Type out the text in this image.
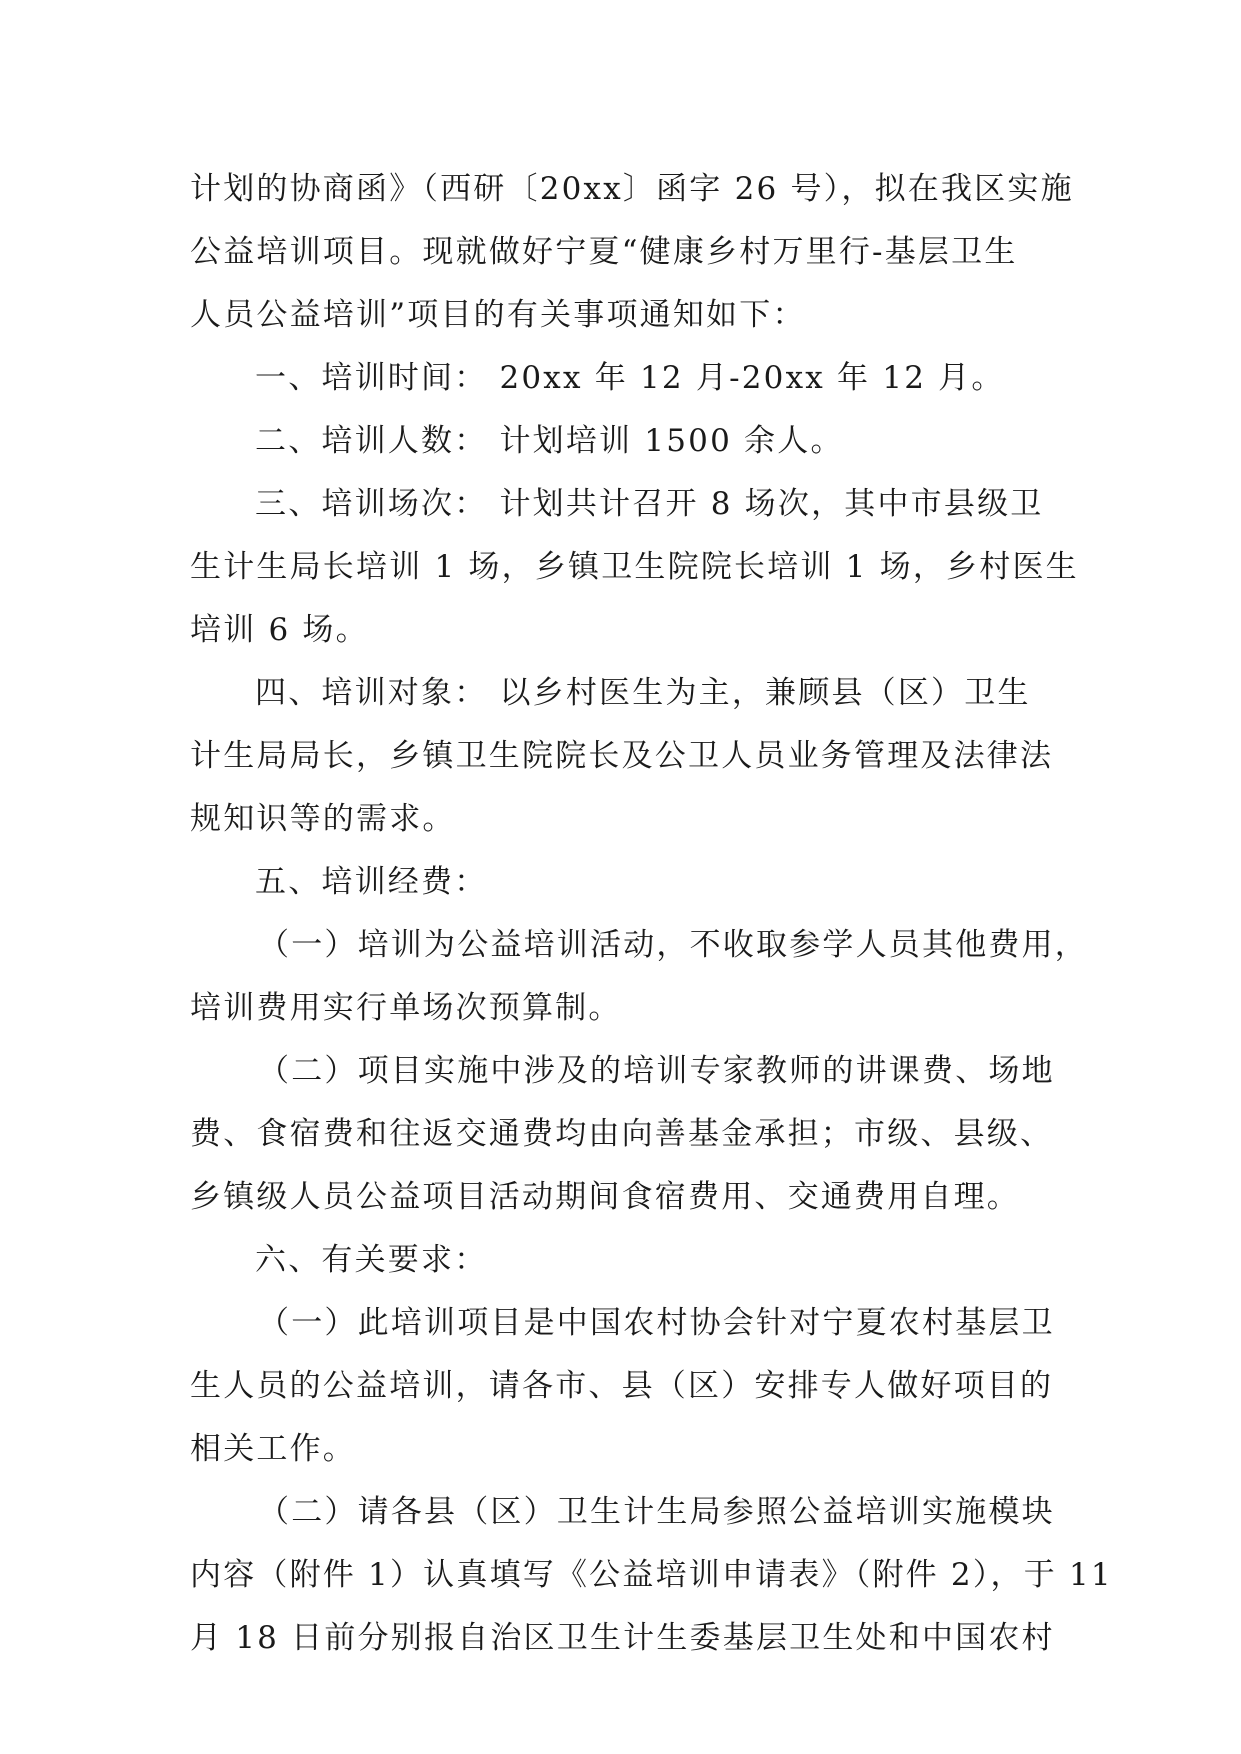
计划的协商函》（西研〔20xx〕函字 26 号），拟在我区实施
公益培训项目。现就做好宁夏“健康乡村万里行-基层卫生
人员公益培训”项目的有关事项通知如下：
一、培训时间： 20xx 年 12 月-20xx 年 12 月。
二、培训人数： 计划培训 1500 余人。
三、培训场次： 计划共计召开 8 场次，其中市县级卫
生计生局长培训 1 场，乡镇卫生院院长培训 1 场，乡村医生
培训 6 场。
四、培训对象： 以乡村医生为主，兼顾县（区）卫生
计生局局长，乡镇卫生院院长及公卫人员业务管理及法律法
规知识等的需求。
五、培训经费：
（一）培训为公益培训活动，不收取参学人员其他费用，
培训费用实行单场次预算制。
（二）项目实施中涉及的培训专家教师的讲课费、场地
费、食宿费和往返交通费均由向善基金承担；市级、县级、
乡镇级人员公益项目活动期间食宿费用、交通费用自理。
六、有关要求：
（一）此培训项目是中国农村协会针对宁夏农村基层卫
生人员的公益培训，请各市、县（区）安排专人做好项目的
相关工作。
（二）请各县（区）卫生计生局参照公益培训实施模块
内容（附件 1）认真填写《公益培训申请表》（附件 2），于 11
月 18 日前分别报自治区卫生计生委基层卫生处和中国农村
